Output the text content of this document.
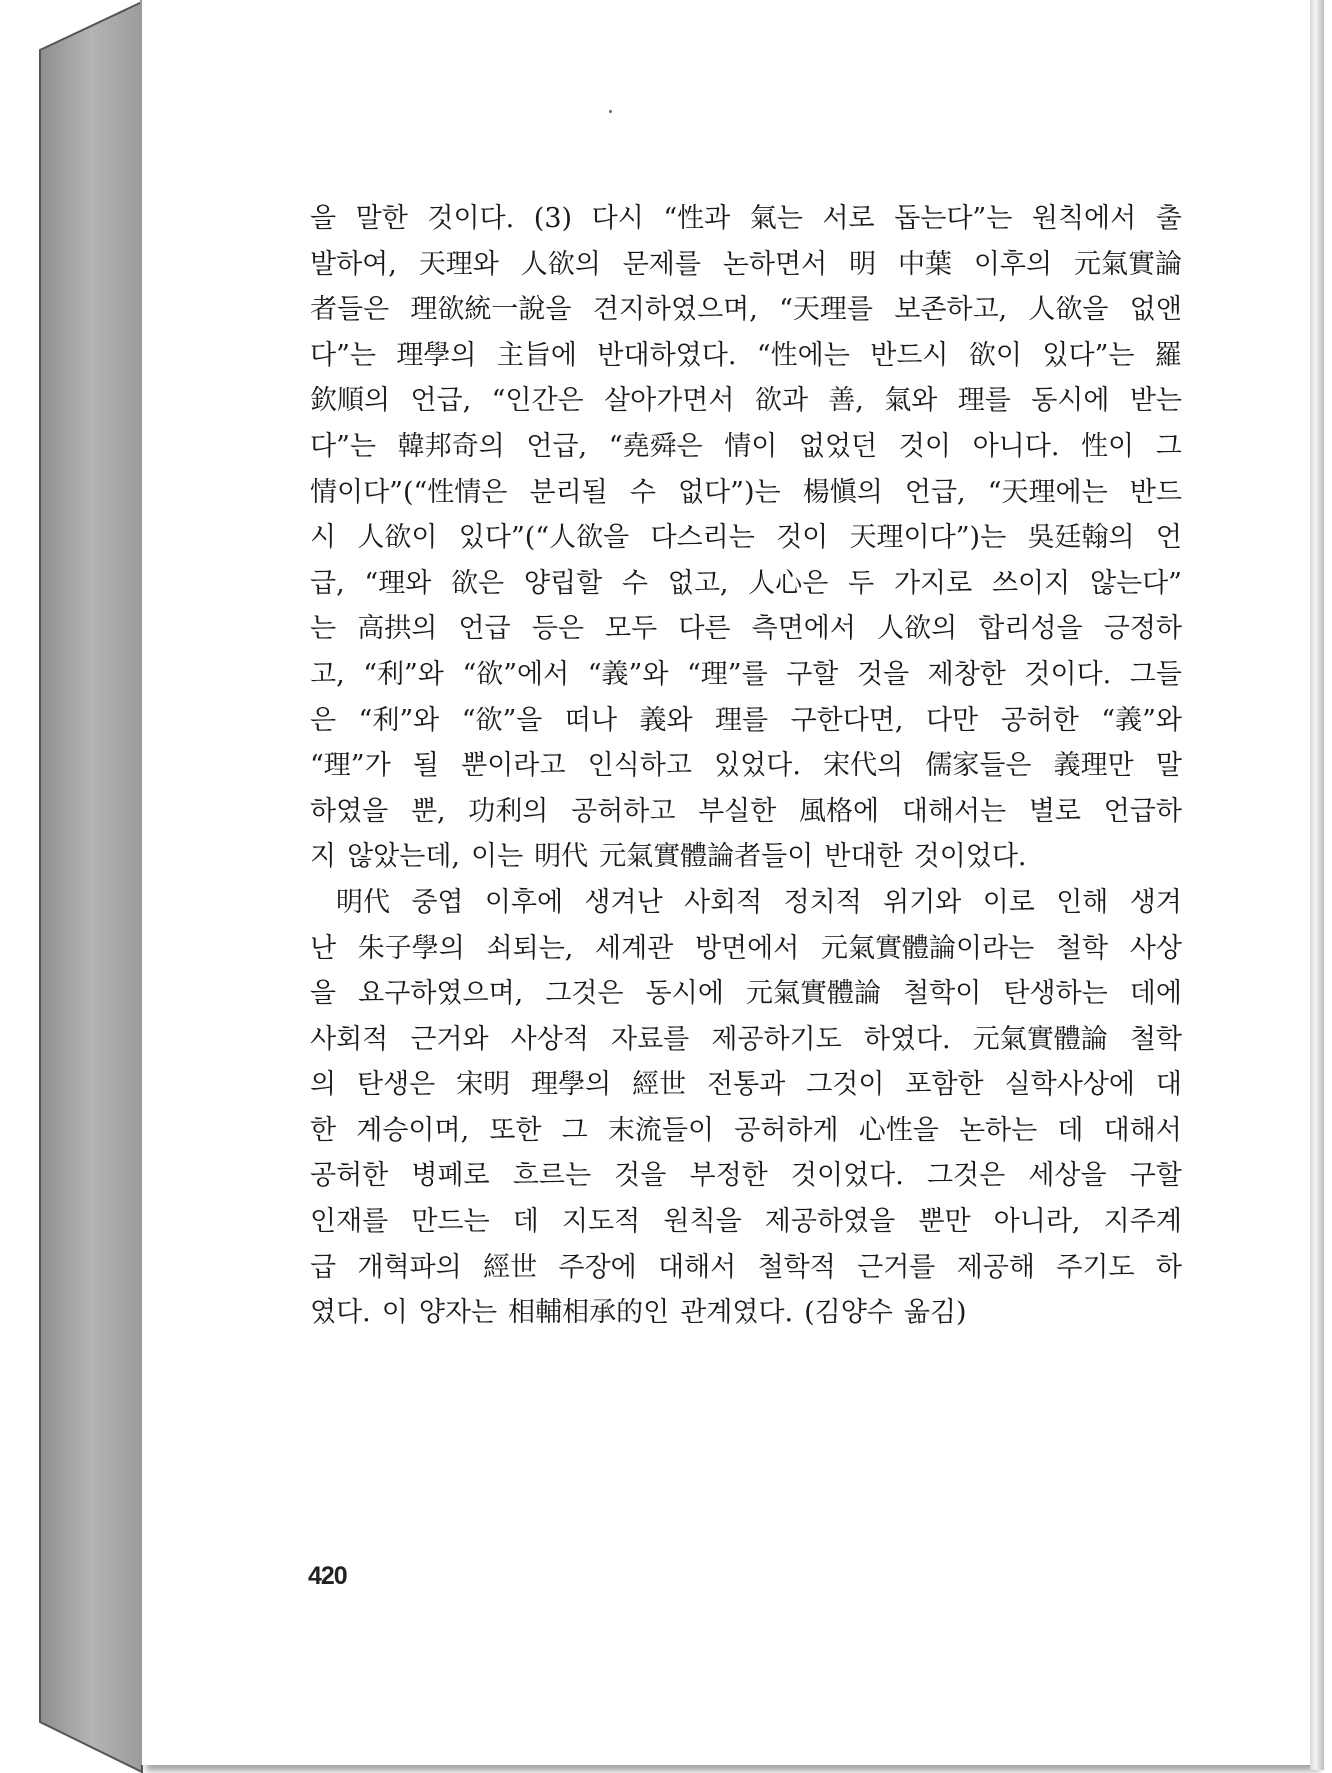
을 말한 것이다. (3) 다시 “性과 氣는 서로 돕는다”는 원칙에서 출
발하여, 天理와 人欲의 문제를 논하면서 明 中葉 이후의 元氣實論
者들은 理欲統一說을 견지하였으며, “天理를 보존하고, 人欲을 없앤
다”는 理學의 主旨에 반대하였다. “性에는 반드시 欲이 있다”는 羅
欽順의 언급, “인간은 살아가면서 欲과 善, 氣와 理를 동시에 받는
다”는 韓邦奇의 언급, “堯舜은 情이 없었던 것이 아니다. 性이 그
情이다”(“性情은 분리될 수 없다”)는 楊愼의 언급, “天理에는 반드
시 人欲이 있다”(“人欲을 다스리는 것이 天理이다”)는 吳廷翰의 언
급, “理와 欲은 양립할 수 없고, 人心은 두 가지로 쓰이지 않는다”
는 高拱의 언급 등은 모두 다른 측면에서 人欲의 합리성을 긍정하
고, “利”와 “欲”에서 “義”와 “理”를 구할 것을 제창한 것이다. 그들
은 “利”와 “欲”을 떠나 義와 理를 구한다면, 다만 공허한 “義”와
“理”가 될 뿐이라고 인식하고 있었다. 宋代의 儒家들은 義理만 말
하였을 뿐, 功利의 공허하고 부실한 風格에 대해서는 별로 언급하
지 않았는데, 이는 明代 元氣實體論者들이 반대한 것이었다.
明代 중엽 이후에 생겨난 사회적 정치적 위기와 이로 인해 생겨
난 朱子學의 쇠퇴는, 세계관 방면에서 元氣實體論이라는 철학 사상
을 요구하였으며, 그것은 동시에 元氣實體論 철학이 탄생하는 데에
사회적 근거와 사상적 자료를 제공하기도 하였다. 元氣實體論 철학
의 탄생은 宋明 理學의 經世 전통과 그것이 포함한 실학사상에 대
한 계승이며, 또한 그 末流들이 공허하게 心性을 논하는 데 대해서
공허한 병폐로 흐르는 것을 부정한 것이었다. 그것은 세상을 구할
인재를 만드는 데 지도적 원칙을 제공하였을 뿐만 아니라, 지주계
급 개혁파의 經世 주장에 대해서 철학적 근거를 제공해 주기도 하
였다. 이 양자는 相輔相承的인 관계였다. (김양수 옮김)
420
